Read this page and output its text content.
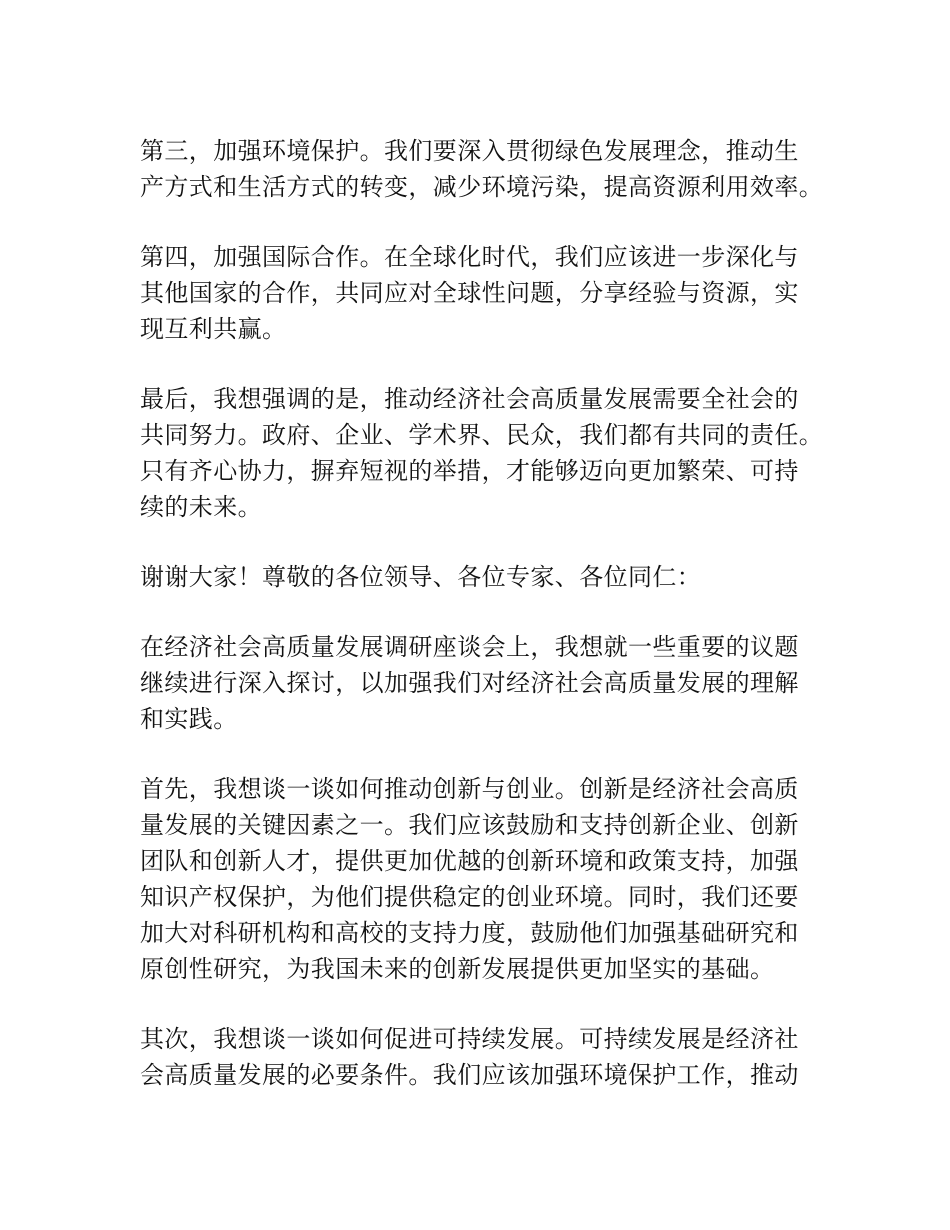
第三，加强环境保护。我们要深入贯彻绿色发展理念，推动生
产方式和生活方式的转变，减少环境污染，提高资源利用效率。
第四，加强国际合作。在全球化时代，我们应该进一步深化与
其他国家的合作，共同应对全球性问题，分享经验与资源，实
现互利共赢。
最后，我想强调的是，推动经济社会高质量发展需要全社会的
共同努力。政府、企业、学术界、民众，我们都有共同的责任。
只有齐心协力，摒弃短视的举措，才能够迈向更加繁荣、可持
续的未来。
谢谢大家！尊敬的各位领导、各位专家、各位同仁：
在经济社会高质量发展调研座谈会上，我想就一些重要的议题
继续进行深入探讨，以加强我们对经济社会高质量发展的理解
和实践。
首先，我想谈一谈如何推动创新与创业。创新是经济社会高质
量发展的关键因素之一。我们应该鼓励和支持创新企业、创新
团队和创新人才，提供更加优越的创新环境和政策支持，加强
知识产权保护，为他们提供稳定的创业环境。同时，我们还要
加大对科研机构和高校的支持力度，鼓励他们加强基础研究和
原创性研究，为我国未来的创新发展提供更加坚实的基础。
其次，我想谈一谈如何促进可持续发展。可持续发展是经济社
会高质量发展的必要条件。我们应该加强环境保护工作，推动
